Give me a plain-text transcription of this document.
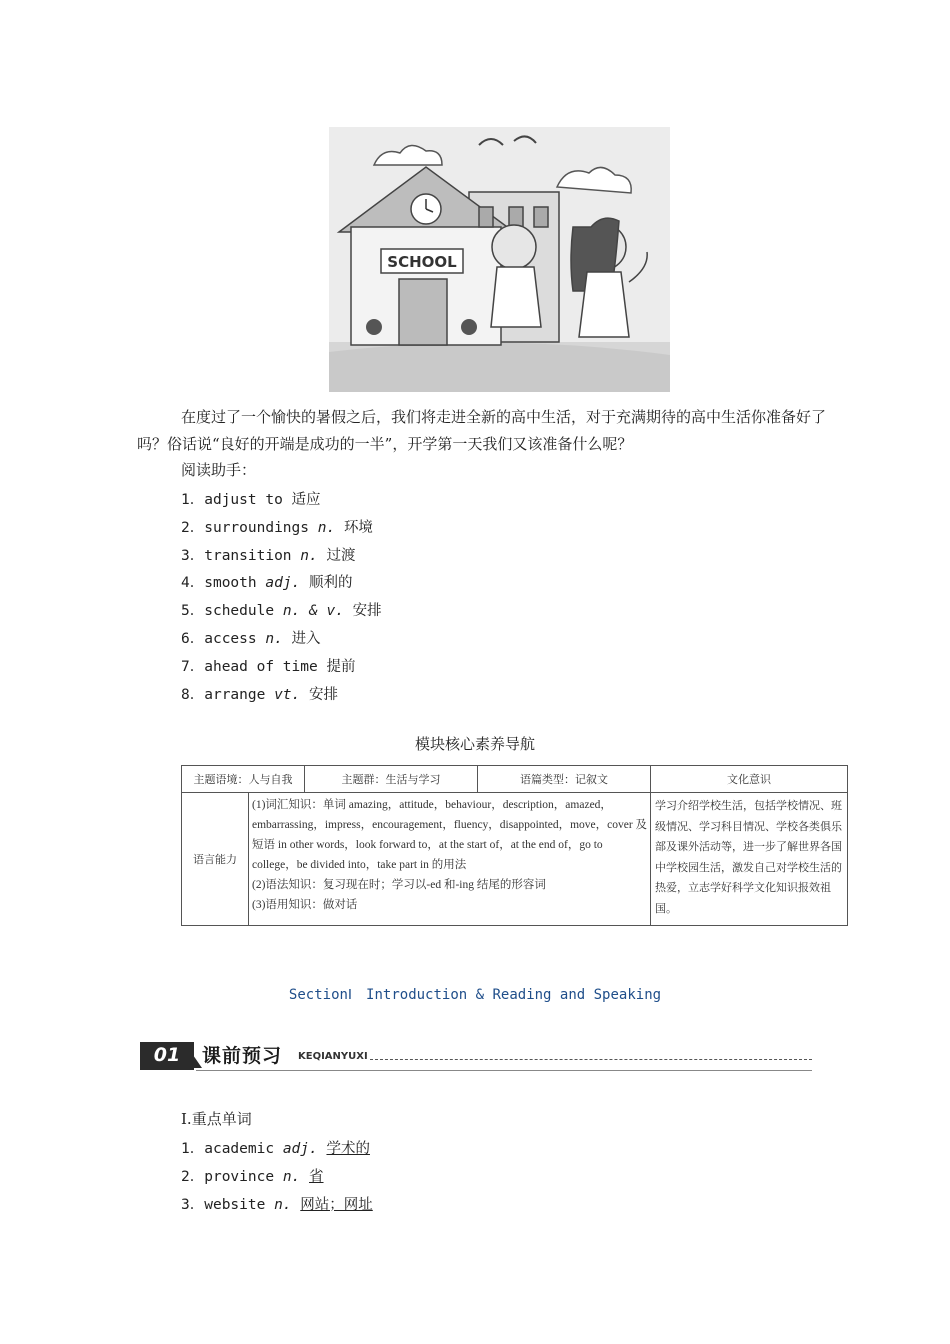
SCHOOL

在度过了一个愉快的暑假之后，我们将走进全新的高中生活，对于充满期待的高中生活你准备好了吗？俗话说“良好的开端是成功的一半”，开学第一天我们又该准备什么呢？

阅读助手：
1．adjust to 适应
2．surroundings n. 环境
3．transition n. 过渡
4．smooth adj. 顺利的
5．schedule n. & v. 安排
6．access n. 进入
7．ahead of time 提前
8．arrange vt. 安排
模块核心素养导航
主题语境：人与自我		主题群：生活与学习	语篇类型：记叙文	文化意识
语言能力	(1)词汇知识：单词 amazing，attitude，behaviour，description，amazed，embarrassing，impress，encouragement，fluency，disappointed，move，cover 及短语 in other words，look forward to，at the start of，at the end of，go to college，be divided into，take part in 的用法
(2)语法知识：复习现在时；学习以-ed 和-ing 结尾的形容词
(3)语用知识：做对话			学习介绍学校生活，包括学校情况、班级情况、学习科目情况、学校各类俱乐部及课外活动等，进一步了解世界各国中学校园生活，激发自己对学校生活的热爱，立志学好科学文化知识报效祖国。
SectionⅠ　Introduction & Reading and Speaking
01	课前预习 KEQIANYUXI
Ⅰ.重点单词
1．academic adj. 学术的
2．province n. 省
3．website n. 网站；网址
